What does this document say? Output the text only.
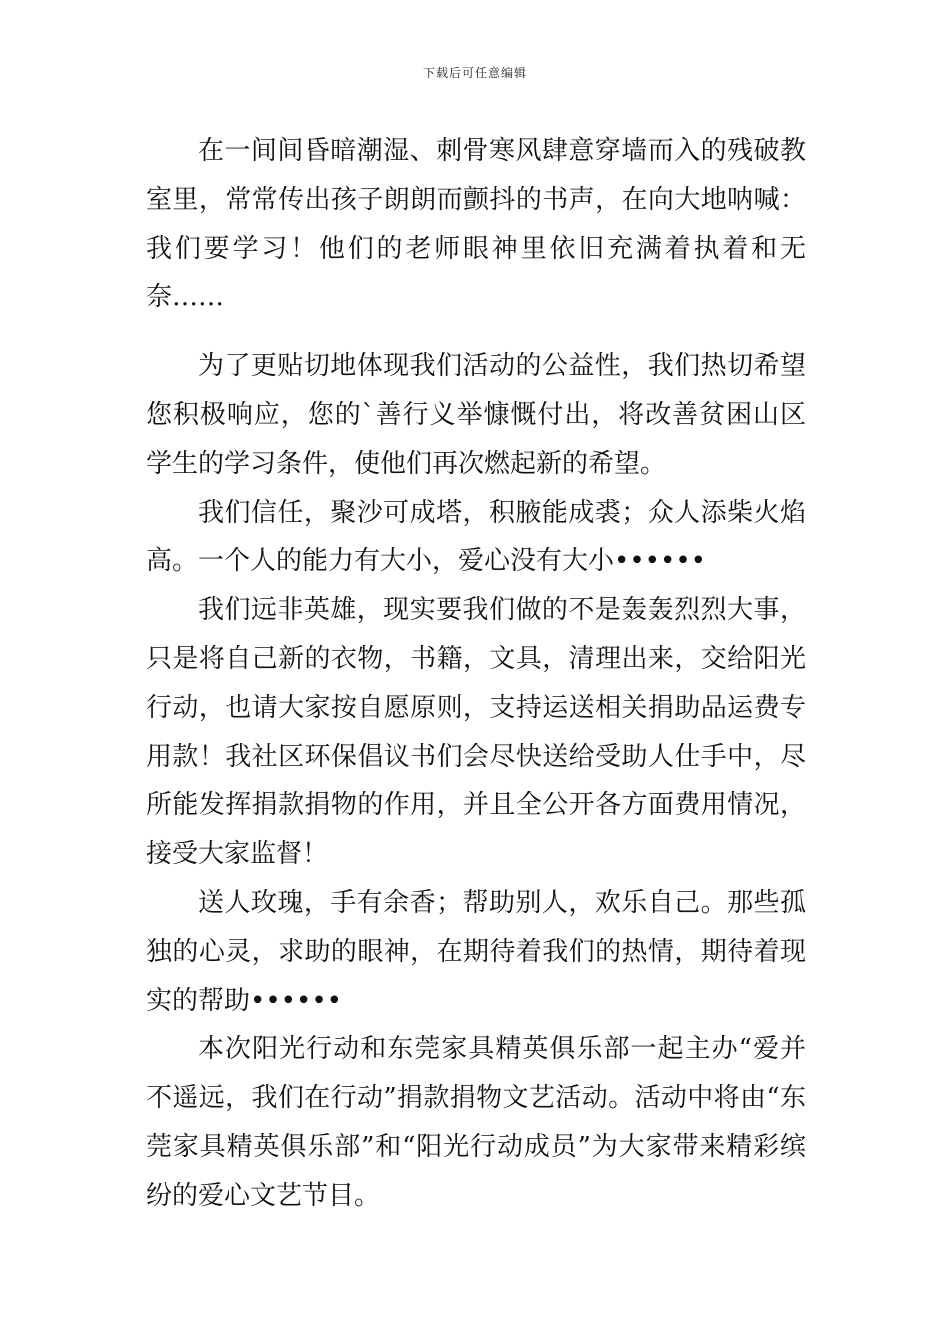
下载后可任意编辑

在一间间昏暗潮湿、刺骨寒风肆意穿墙而入的残破教室里，常常传出孩子朗朗而颤抖的书声，在向大地呐喊：我们要学习！他们的老师眼神里依旧充满着执着和无奈……

为了更贴切地体现我们活动的公益性，我们热切希望您积极响应，您的`善行义举慷慨付出，将改善贫困山区学生的学习条件，使他们再次燃起新的希望。

我们信任，聚沙可成塔，积腋能成裘；众人添柴火焰高。一个人的能力有大小，爱心没有大小••••••

我们远非英雄，现实要我们做的不是轰轰烈烈大事，只是将自己新的衣物，书籍，文具，清理出来，交给阳光行动，也请大家按自愿原则，支持运送相关捐助品运费专用款！我社区环保倡议书们会尽快送给受助人仕手中，尽所能发挥捐款捐物的作用，并且全公开各方面费用情况，接受大家监督！

送人玫瑰，手有余香；帮助别人，欢乐自己。那些孤独的心灵，求助的眼神，在期待着我们的热情，期待着现实的帮助••••••

本次阳光行动和东莞家具精英俱乐部一起主办“爱并不遥远，我们在行动”捐款捐物文艺活动。活动中将由“东莞家具精英俱乐部”和“阳光行动成员”为大家带来精彩缤纷的爱心文艺节目。
